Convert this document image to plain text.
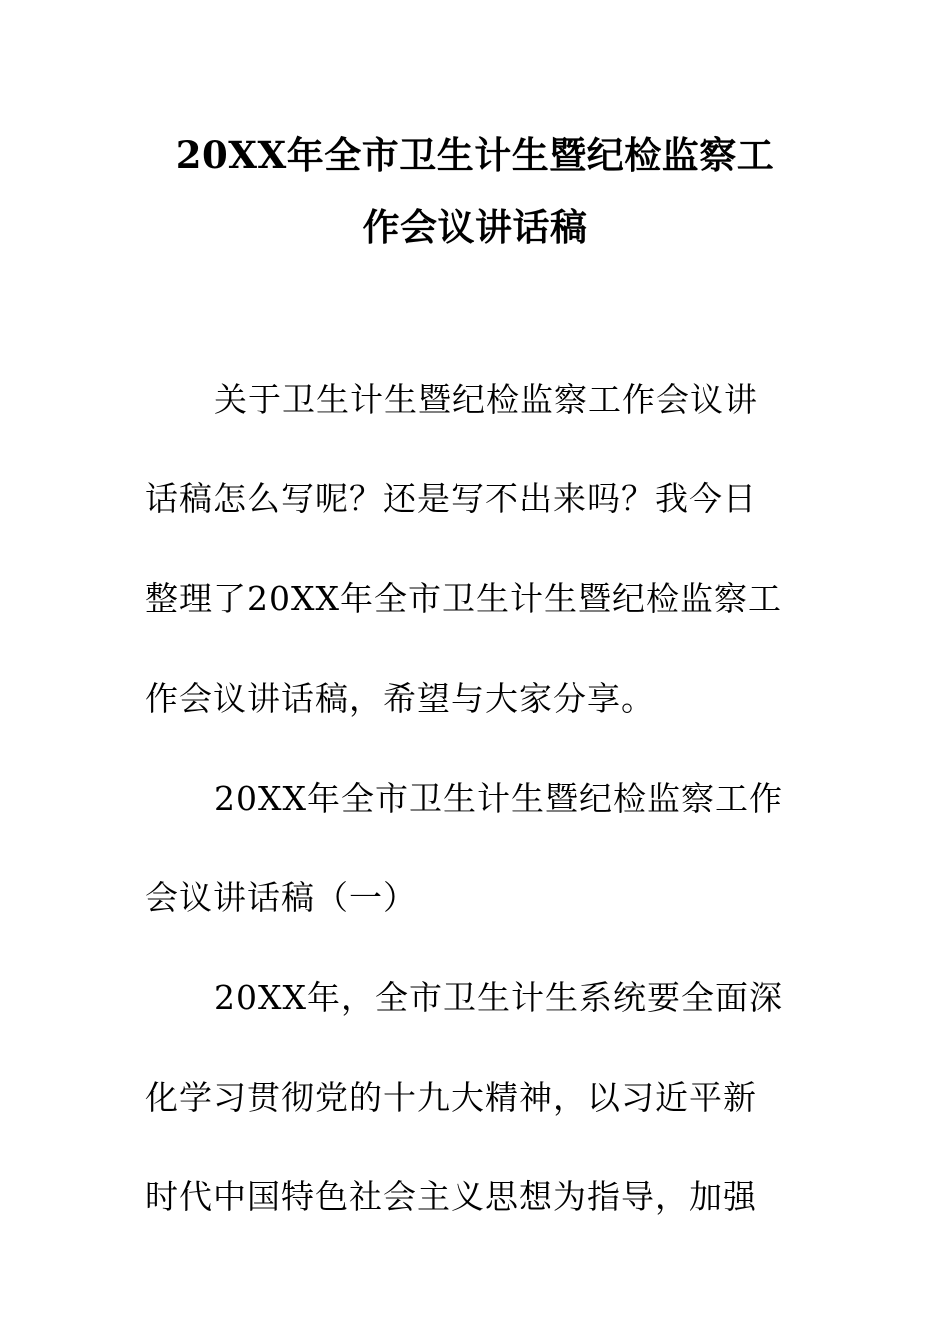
20XX年全市卫生计生暨纪检监察工
作会议讲话稿
关于卫生计生暨纪检监察工作会议讲
话稿怎么写呢？还是写不出来吗？我今日
整理了20XX年全市卫生计生暨纪检监察工
作会议讲话稿，希望与大家分享。
20XX年全市卫生计生暨纪检监察工作
会议讲话稿（一）
20XX年，全市卫生计生系统要全面深
化学习贯彻党的十九大精神，以习近平新
时代中国特色社会主义思想为指导，加强
